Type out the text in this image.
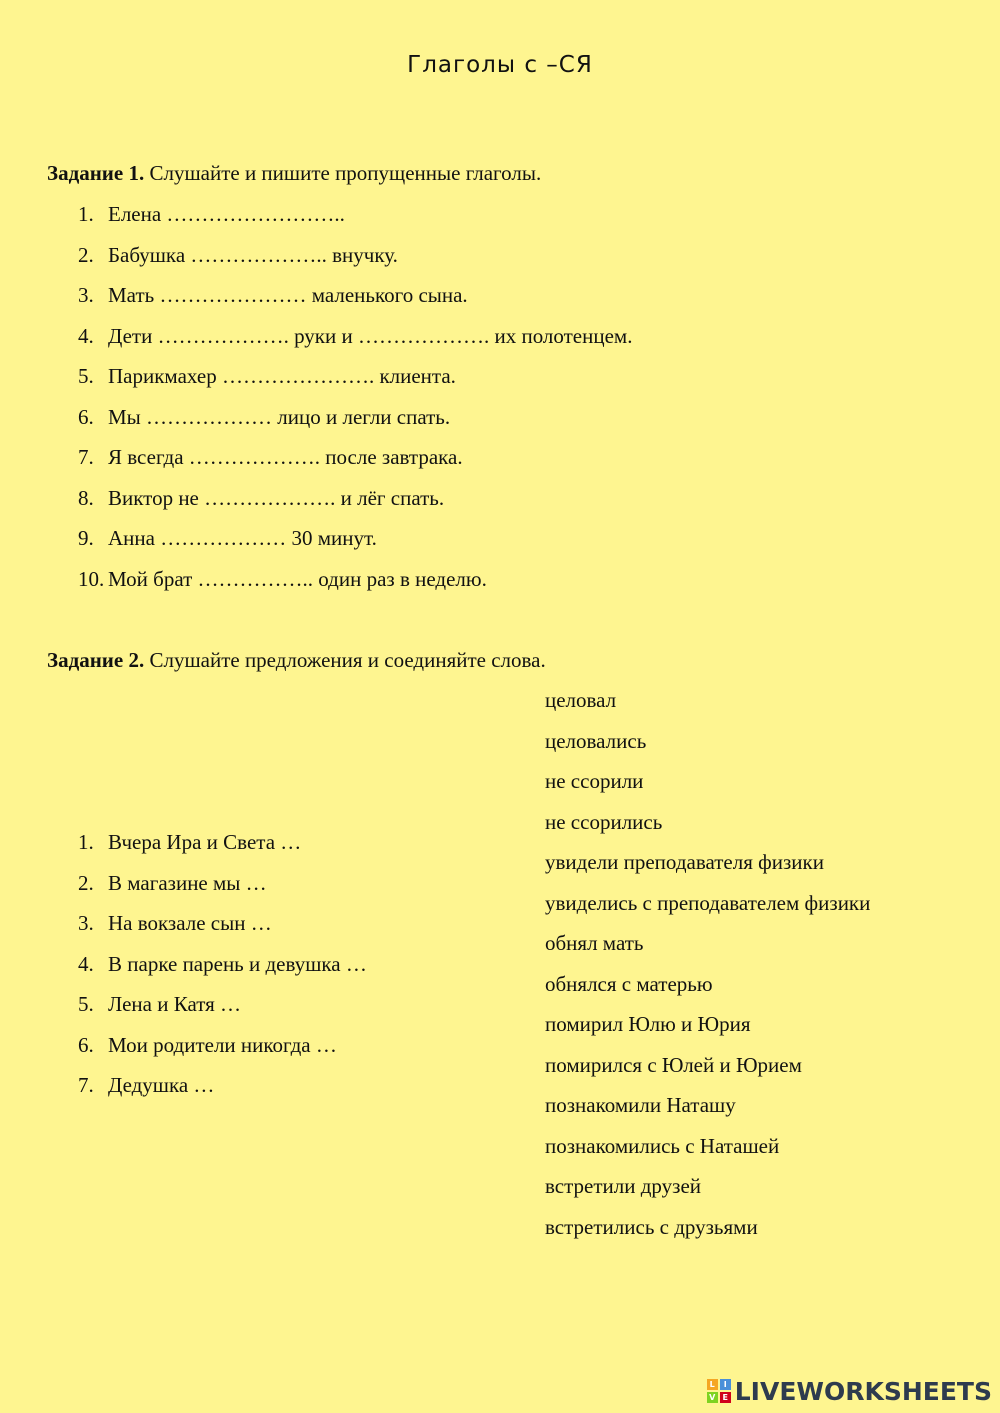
Глаголы с –СЯ
Задание 1. Слушайте и пишите пропущенные глаголы.
1. Елена ……………………..
2. Бабушка ……………….. внучку.
3. Мать ………………… маленького сына.
4. Дети ………………. руки и ………………. их полотенцем.
5. Парикмахер …………………. клиента.
6. Мы ……………… лицо и легли спать.
7. Я всегда ………………. после завтрака.
8. Виктор не ………………. и лёг спать.
9. Анна ……………… 30 минут.
10. Мой брат …………….. один раз в неделю.
Задание 2. Слушайте предложения и соединяйте слова.
1. Вчера Ира и Света …
2. В магазине мы …
3. На вокзале сын …
4. В парке парень и девушка …
5. Лена и Катя …
6. Мои родители никогда …
7. Дедушка …
целовал
целовались
не ссорили
не ссорились
увидели преподавателя физики
увиделись с преподавателем физики
обнял мать
обнялся с матерью
помирил Юлю и Юрия
помирился с Юлей и Юрием
познакомили Наташу
познакомились с Наташей
встретили друзей
встретились с друзьями
L	I
V E LIVEWORKSHEETS
